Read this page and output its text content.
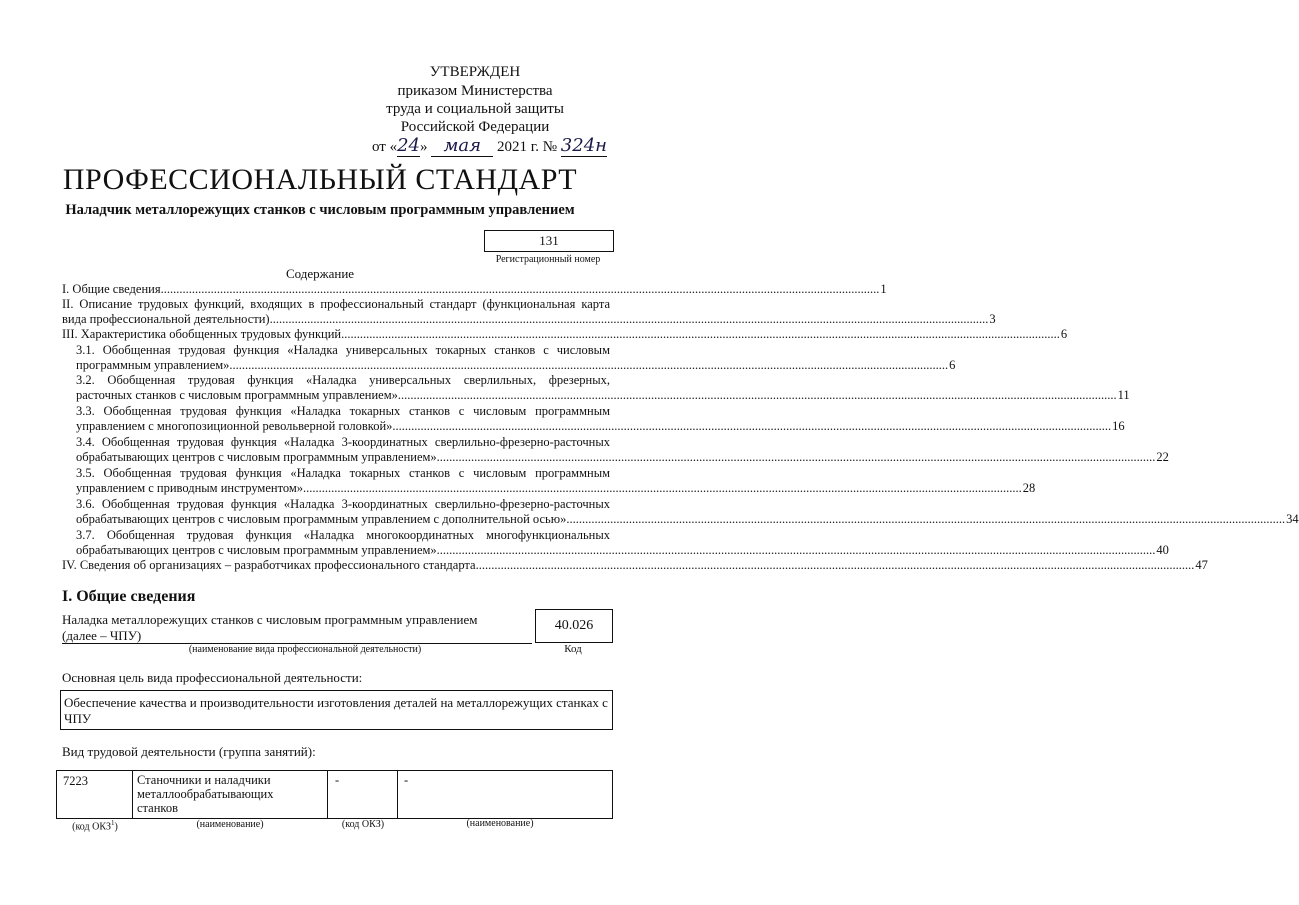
УТВЕРЖДЕН
приказом Министерства
труда и социальной защиты
Российской Федерации
от «24» мая 2021 г. № 324н
ПРОФЕССИОНАЛЬНЫЙ СТАНДАРТ
Наладчик металлорежущих станков с числовым программным управлением
131
Регистрационный номер
Содержание
I. Общие сведения .....	1
II. Описание трудовых функций, входящих в профессиональный стандарт (функциональная карта
вида профессиональной деятельности) .....	3
III. Характеристика обобщенных трудовых функций .....	6
3.1. Обобщенная трудовая функция «Наладка универсальных токарных станков с числовым
программным управлением» .....	6
3.2. Обобщенная трудовая функция «Наладка универсальных сверлильных, фрезерных,
расточных станков с числовым программным управлением» .....	11
3.3. Обобщенная трудовая функция «Наладка токарных станков с числовым программным
управлением с многопозиционной револьверной головкой» .....	16
3.4. Обобщенная трудовая функция «Наладка 3-координатных сверлильно-фрезерно-расточных
обрабатывающих центров с числовым программным управлением» .....	22
3.5. Обобщенная трудовая функция «Наладка токарных станков с числовым программным
управлением с приводным инструментом» .....	28
3.6. Обобщенная трудовая функция «Наладка 3-координатных сверлильно-фрезерно-расточных
обрабатывающих центров с числовым программным управлением с дополнительной осью» .....	34
3.7. Обобщенная трудовая функция «Наладка многокоординатных многофункциональных
обрабатывающих центров с числовым программным управлением» .....	40
IV. Сведения об организациях – разработчиках профессионального стандарта .....	47
I. Общие сведения
Наладка металлорежущих станков с числовым программным управлением
(далее – ЧПУ)
(наименование вида профессиональной деятельности)
40.026
Код
Основная цель вида профессиональной деятельности:
Обеспечение качества и производительности изготовления деталей на металлорежущих станках с
ЧПУ
Вид трудовой деятельности (группа занятий):
7223	Станочники и наладчики
металлообрабатывающих
станков
-	-
(код ОКЗ$^1$)	(наименование)	(код ОКЗ)	(наименование)
